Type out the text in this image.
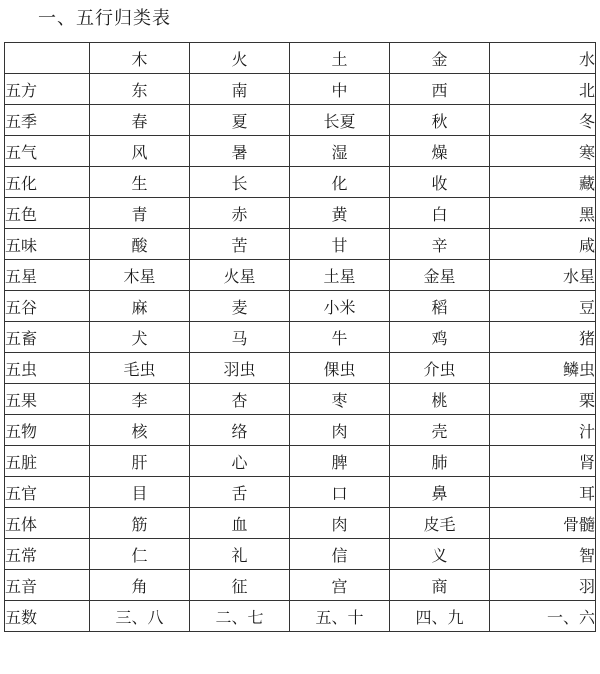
一、五行归类表
	木	火	土	金	水
五方	东	南	中	西	北
五季	春	夏	长夏	秋	冬
五气	风	暑	湿	燥	寒
五化	生	长	化	收	藏
五色	青	赤	黄	白	黑
五味	酸	苦	甘	辛	咸
五星	木星	火星	土星	金星	水星
五谷	麻	麦	小米	稻	豆
五畜	犬	马	牛	鸡	猪
五虫	毛虫	羽虫	倮虫	介虫	鳞虫
五果	李	杏	枣	桃	栗
五物	核	络	肉	壳	汁
五脏	肝	心	脾	肺	肾
五官	目	舌	口	鼻	耳
五体	筋	血	肉	皮毛	骨髓
五常	仁	礼	信	义	智
五音	角	征	宫	商	羽
五数	三、八	二、七	五、十	四、九	一、六
